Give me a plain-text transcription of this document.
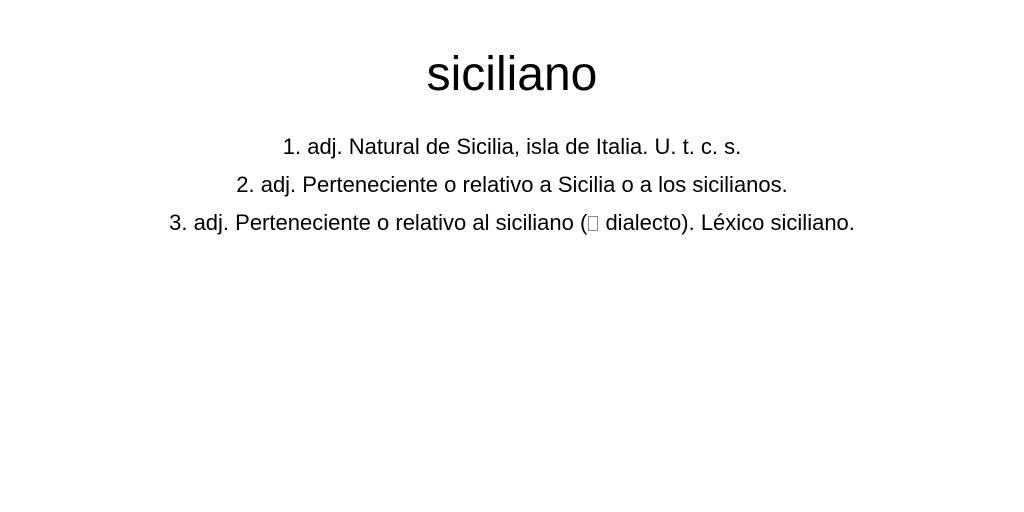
siciliano
1. adj. Natural de Sicilia, isla de Italia. U. t. c. s.
2. adj. Perteneciente o relativo a Sicilia o a los sicilianos.
3. adj. Perteneciente o relativo al siciliano ( dialecto). Léxico siciliano.
